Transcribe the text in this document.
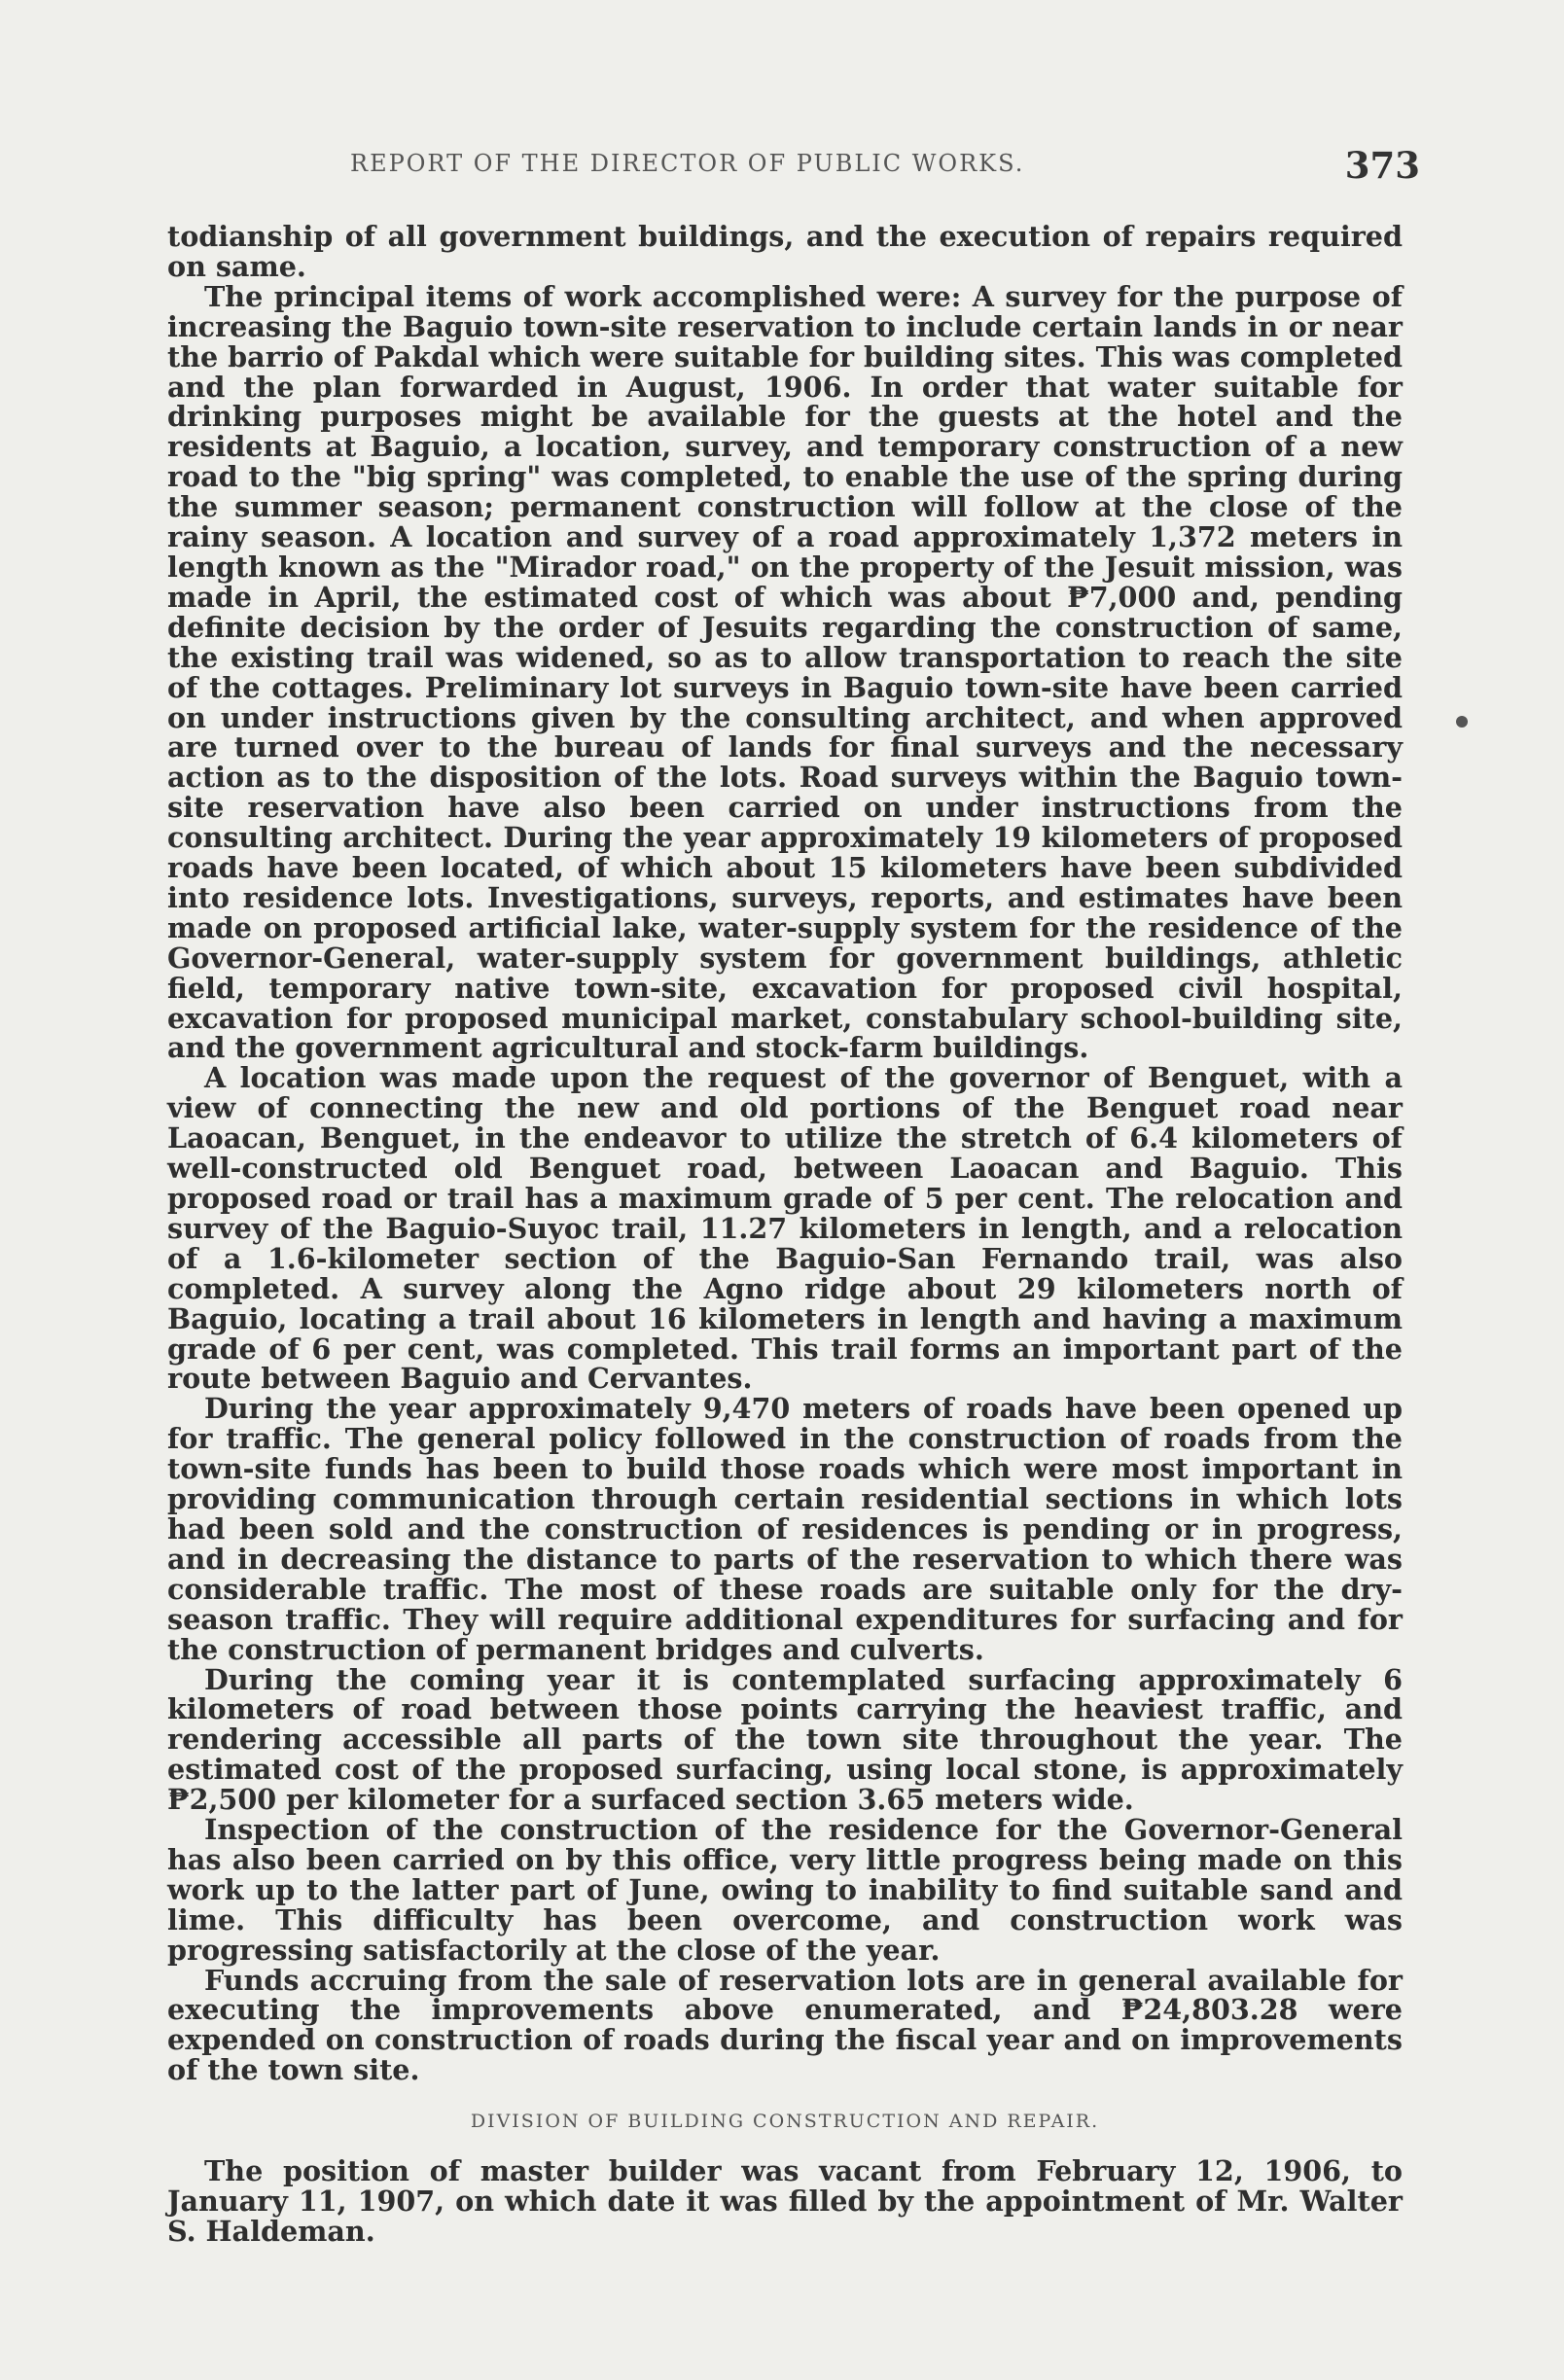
REPORT OF THE DIRECTOR OF PUBLIC WORKS.	373

todianship of all government buildings, and the execution of repairs required on same.

The principal items of work accomplished were: A survey for the purpose of increasing the Baguio town-site reservation to include certain lands in or near the barrio of Pakdal which were suitable for building sites. This was completed and the plan forwarded in August, 1906. In order that water suitable for drinking purposes might be available for the guests at the hotel and the residents at Baguio, a location, survey, and temporary construction of a new road to the "big spring" was completed, to enable the use of the spring during the summer season; permanent construction will follow at the close of the rainy season. A location and survey of a road approximately 1,372 meters in length known as the "Mirador road," on the property of the Jesuit mission, was made in April, the estimated cost of which was about ₱7,000 and, pending definite decision by the order of Jesuits regarding the construction of same, the existing trail was widened, so as to allow transportation to reach the site of the cottages. Preliminary lot surveys in Baguio town-site have been carried on under instructions given by the consulting architect, and when approved are turned over to the bureau of lands for final surveys and the necessary action as to the disposition of the lots. Road surveys within the Baguio town-site reservation have also been carried on under instructions from the consulting architect. During the year approximately 19 kilometers of proposed roads have been located, of which about 15 kilometers have been subdivided into residence lots. Investigations, surveys, reports, and estimates have been made on proposed artificial lake, water-supply system for the residence of the Governor-General, water-supply system for government buildings, athletic field, temporary native town-site, excavation for proposed civil hospital, excavation for proposed municipal market, constabulary school-building site, and the government agricultural and stock-farm buildings.

A location was made upon the request of the governor of Benguet, with a view of connecting the new and old portions of the Benguet road near Laoacan, Benguet, in the endeavor to utilize the stretch of 6.4 kilometers of well-constructed old Benguet road, between Laoacan and Baguio. This proposed road or trail has a maximum grade of 5 per cent. The relocation and survey of the Baguio-Suyoc trail, 11.27 kilometers in length, and a relocation of a 1.6-kilometer section of the Baguio-San Fernando trail, was also completed. A survey along the Agno ridge about 29 kilometers north of Baguio, locating a trail about 16 kilometers in length and having a maximum grade of 6 per cent, was completed. This trail forms an important part of the route between Baguio and Cervantes.

During the year approximately 9,470 meters of roads have been opened up for traffic. The general policy followed in the construction of roads from the town-site funds has been to build those roads which were most important in providing communication through certain residential sections in which lots had been sold and the construction of residences is pending or in progress, and in decreasing the distance to parts of the reservation to which there was considerable traffic. The most of these roads are suitable only for the dry-season traffic. They will require additional expenditures for surfacing and for the construction of permanent bridges and culverts.

During the coming year it is contemplated surfacing approximately 6 kilometers of road between those points carrying the heaviest traffic, and rendering accessible all parts of the town site throughout the year. The estimated cost of the proposed surfacing, using local stone, is approximately ₱2,500 per kilometer for a surfaced section 3.65 meters wide.

Inspection of the construction of the residence for the Governor-General has also been carried on by this office, very little progress being made on this work up to the latter part of June, owing to inability to find suitable sand and lime. This difficulty has been overcome, and construction work was progressing satisfactorily at the close of the year.

Funds accruing from the sale of reservation lots are in general available for executing the improvements above enumerated, and ₱24,803.28 were expended on construction of roads during the fiscal year and on improvements of the town site.

DIVISION OF BUILDING CONSTRUCTION AND REPAIR.

The position of master builder was vacant from February 12, 1906, to January 11, 1907, on which date it was filled by the appointment of Mr. Walter S. Haldeman.
